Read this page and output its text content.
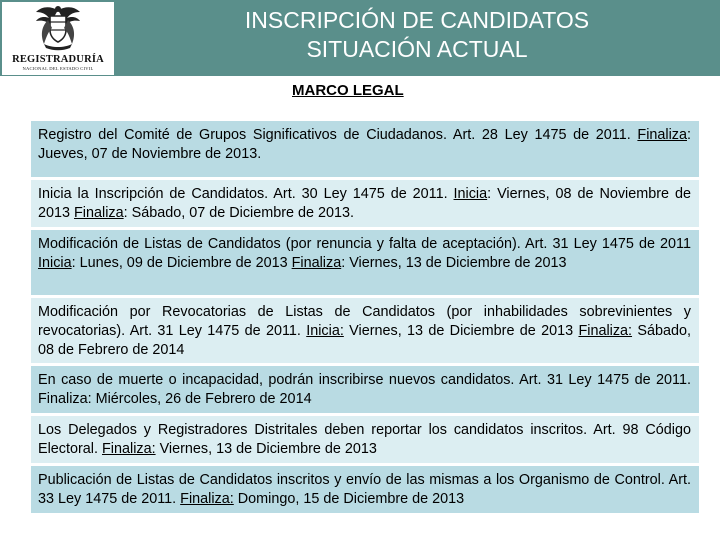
REGISTRADURÍA
NACIONAL DEL ESTADO CIVIL
INSCRIPCIÓN DE CANDIDATOS
SITUACIÓN ACTUAL
MARCO LEGAL
Registro del Comité de Grupos Significativos de Ciudadanos. Art. 28 Ley 1475 de 2011. Finaliza: Jueves, 07 de Noviembre de 2013.
Inicia la Inscripción de Candidatos. Art. 30 Ley 1475 de 2011. Inicia: Viernes, 08 de Noviembre de 2013 Finaliza: Sábado, 07 de Diciembre de 2013.
Modificación de Listas de Candidatos (por renuncia y falta de aceptación). Art. 31 Ley 1475 de 2011 Inicia: Lunes, 09 de Diciembre de 2013 Finaliza: Viernes, 13 de Diciembre de 2013
Modificación por Revocatorias de Listas de Candidatos (por inhabilidades sobrevinientes y revocatorias). Art. 31 Ley 1475 de 2011. Inicia: Viernes, 13 de Diciembre de 2013 Finaliza: Sábado, 08 de Febrero de 2014
En caso de muerte o incapacidad, podrán inscribirse nuevos candidatos. Art. 31 Ley 1475 de 2011. Finaliza: Miércoles, 26 de Febrero de 2014
Los Delegados y Registradores Distritales deben reportar los candidatos inscritos. Art. 98 Código Electoral. Finaliza: Viernes, 13 de Diciembre de 2013
Publicación de Listas de Candidatos inscritos y envío de las mismas a los Organismo de Control. Art. 33 Ley 1475 de 2011. Finaliza: Domingo, 15 de Diciembre de 2013
